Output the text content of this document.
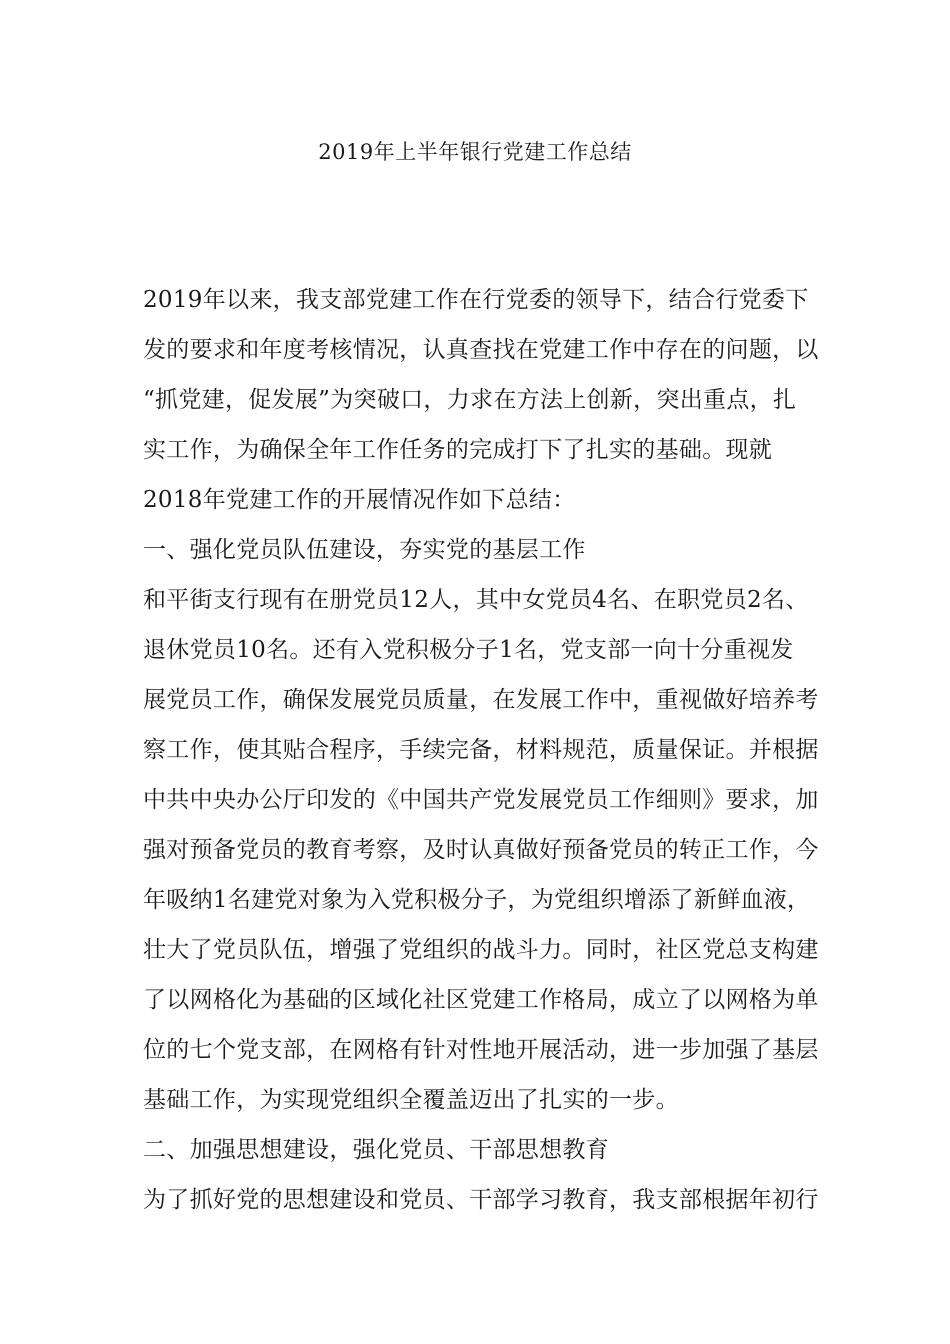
2019年上半年银行党建工作总结
2019年以来，我支部党建工作在行党委的领导下，结合行党委下
发的要求和年度考核情况，认真查找在党建工作中存在的问题，以
“抓党建，促发展”为突破口，力求在方法上创新，突出重点，扎
实工作，为确保全年工作任务的完成打下了扎实的基础。现就
2018年党建工作的开展情况作如下总结：
一、强化党员队伍建设，夯实党的基层工作
和平街支行现有在册党员12人，其中女党员4名、在职党员2名、
退休党员10名。还有入党积极分子1名，党支部一向十分重视发
展党员工作，确保发展党员质量，在发展工作中，重视做好培养考
察工作，使其贴合程序，手续完备，材料规范，质量保证。并根据
中共中央办公厅印发的《中国共产党发展党员工作细则》要求，加
强对预备党员的教育考察，及时认真做好预备党员的转正工作，今
年吸纳1名建党对象为入党积极分子，为党组织增添了新鲜血液，
壮大了党员队伍，增强了党组织的战斗力。同时，社区党总支构建
了以网格化为基础的区域化社区党建工作格局，成立了以网格为单
位的七个党支部，在网格有针对性地开展活动，进一步加强了基层
基础工作，为实现党组织全覆盖迈出了扎实的一步。
二、加强思想建设，强化党员、干部思想教育
为了抓好党的思想建设和党员、干部学习教育，我支部根据年初行
